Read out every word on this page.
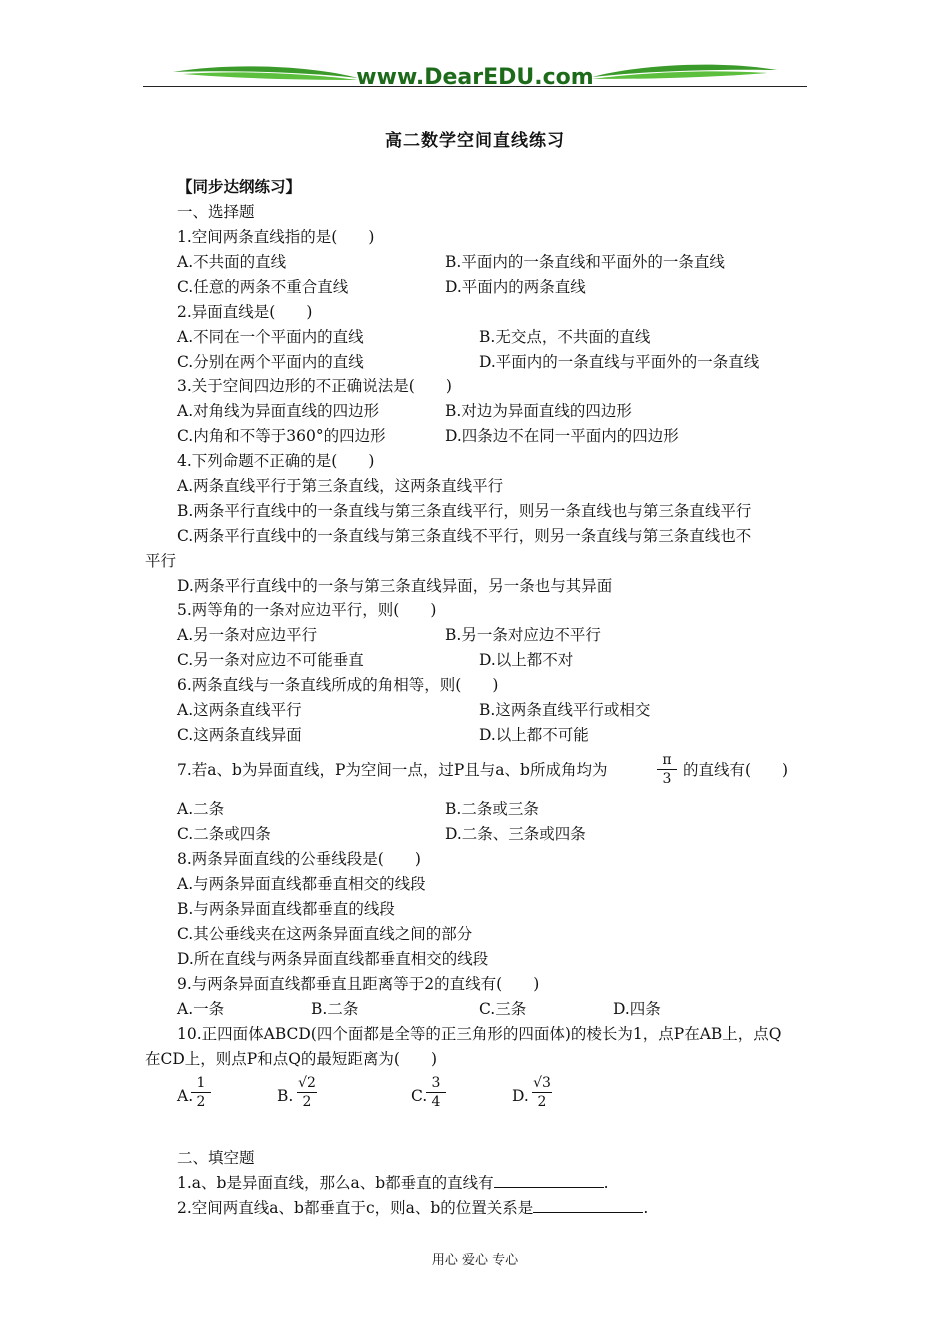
www.DearEDU.com
高二数学空间直线练习
【同步达纲练习】
一、选择题
1.空间两条直线指的是(　　)
A.不共面的直线	B.平面内的一条直线和平面外的一条直线
C.任意的两条不重合直线	D.平面内的两条直线
2.异面直线是(　　)
A.不同在一个平面内的直线	B.无交点，不共面的直线
C.分别在两个平面内的直线	D.平面内的一条直线与平面外的一条直线
3.关于空间四边形的不正确说法是(　　)
A.对角线为异面直线的四边形	B.对边为异面直线的四边形
C.内角和不等于360°的四边形	D.四条边不在同一平面内的四边形
4.下列命题不正确的是(　　)
A.两条直线平行于第三条直线，这两条直线平行
B.两条平行直线中的一条直线与第三条直线平行，则另一条直线也与第三条直线平行
C.两条平行直线中的一条直线与第三条直线不平行，则另一条直线与第三条直线也不
平行
D.两条平行直线中的一条与第三条直线异面，另一条也与其异面
5.两等角的一条对应边平行，则(　　)
A.另一条对应边平行	B.另一条对应边不平行
C.另一条对应边不可能垂直	D.以上都不对
6.两条直线与一条直线所成的角相等，则(　　)
A.这两条直线平行	B.这两条直线平行或相交
C.这两条直线异面	D.以上都不可能
7.若a、b为异面直线，P为空间一点，过P且与a、b所成角均为
π
3 的直线有(　　)
A.二条	B.二条或三条
C.二条或四条	D.二条、三条或四条
8.两条异面直线的公垂线段是(　　)
A.与两条异面直线都垂直相交的线段
B.与两条异面直线都垂直的线段
C.其公垂线夹在这两条异面直线之间的部分
D.所在直线与两条异面直线都垂直相交的线段
9.与两条异面直线都垂直且距离等于2的直线有(　　)
A.一条	B.二条	C.三条	D.四条
10.正四面体ABCD(四个面都是全等的正三角形的四面体)的棱长为1，点P在AB上，点Q
在CD上，则点P和点Q的最短距离为(　　)
A.
1
2	B.
√2
2	C.
3
4	D.
√3
2
二、填空题
1.a、b是异面直线，那么a、b都垂直的直线有	.
2.空间两直线a、b都垂直于c，则a、b的位置关系是	.
用心 爱心 专心
